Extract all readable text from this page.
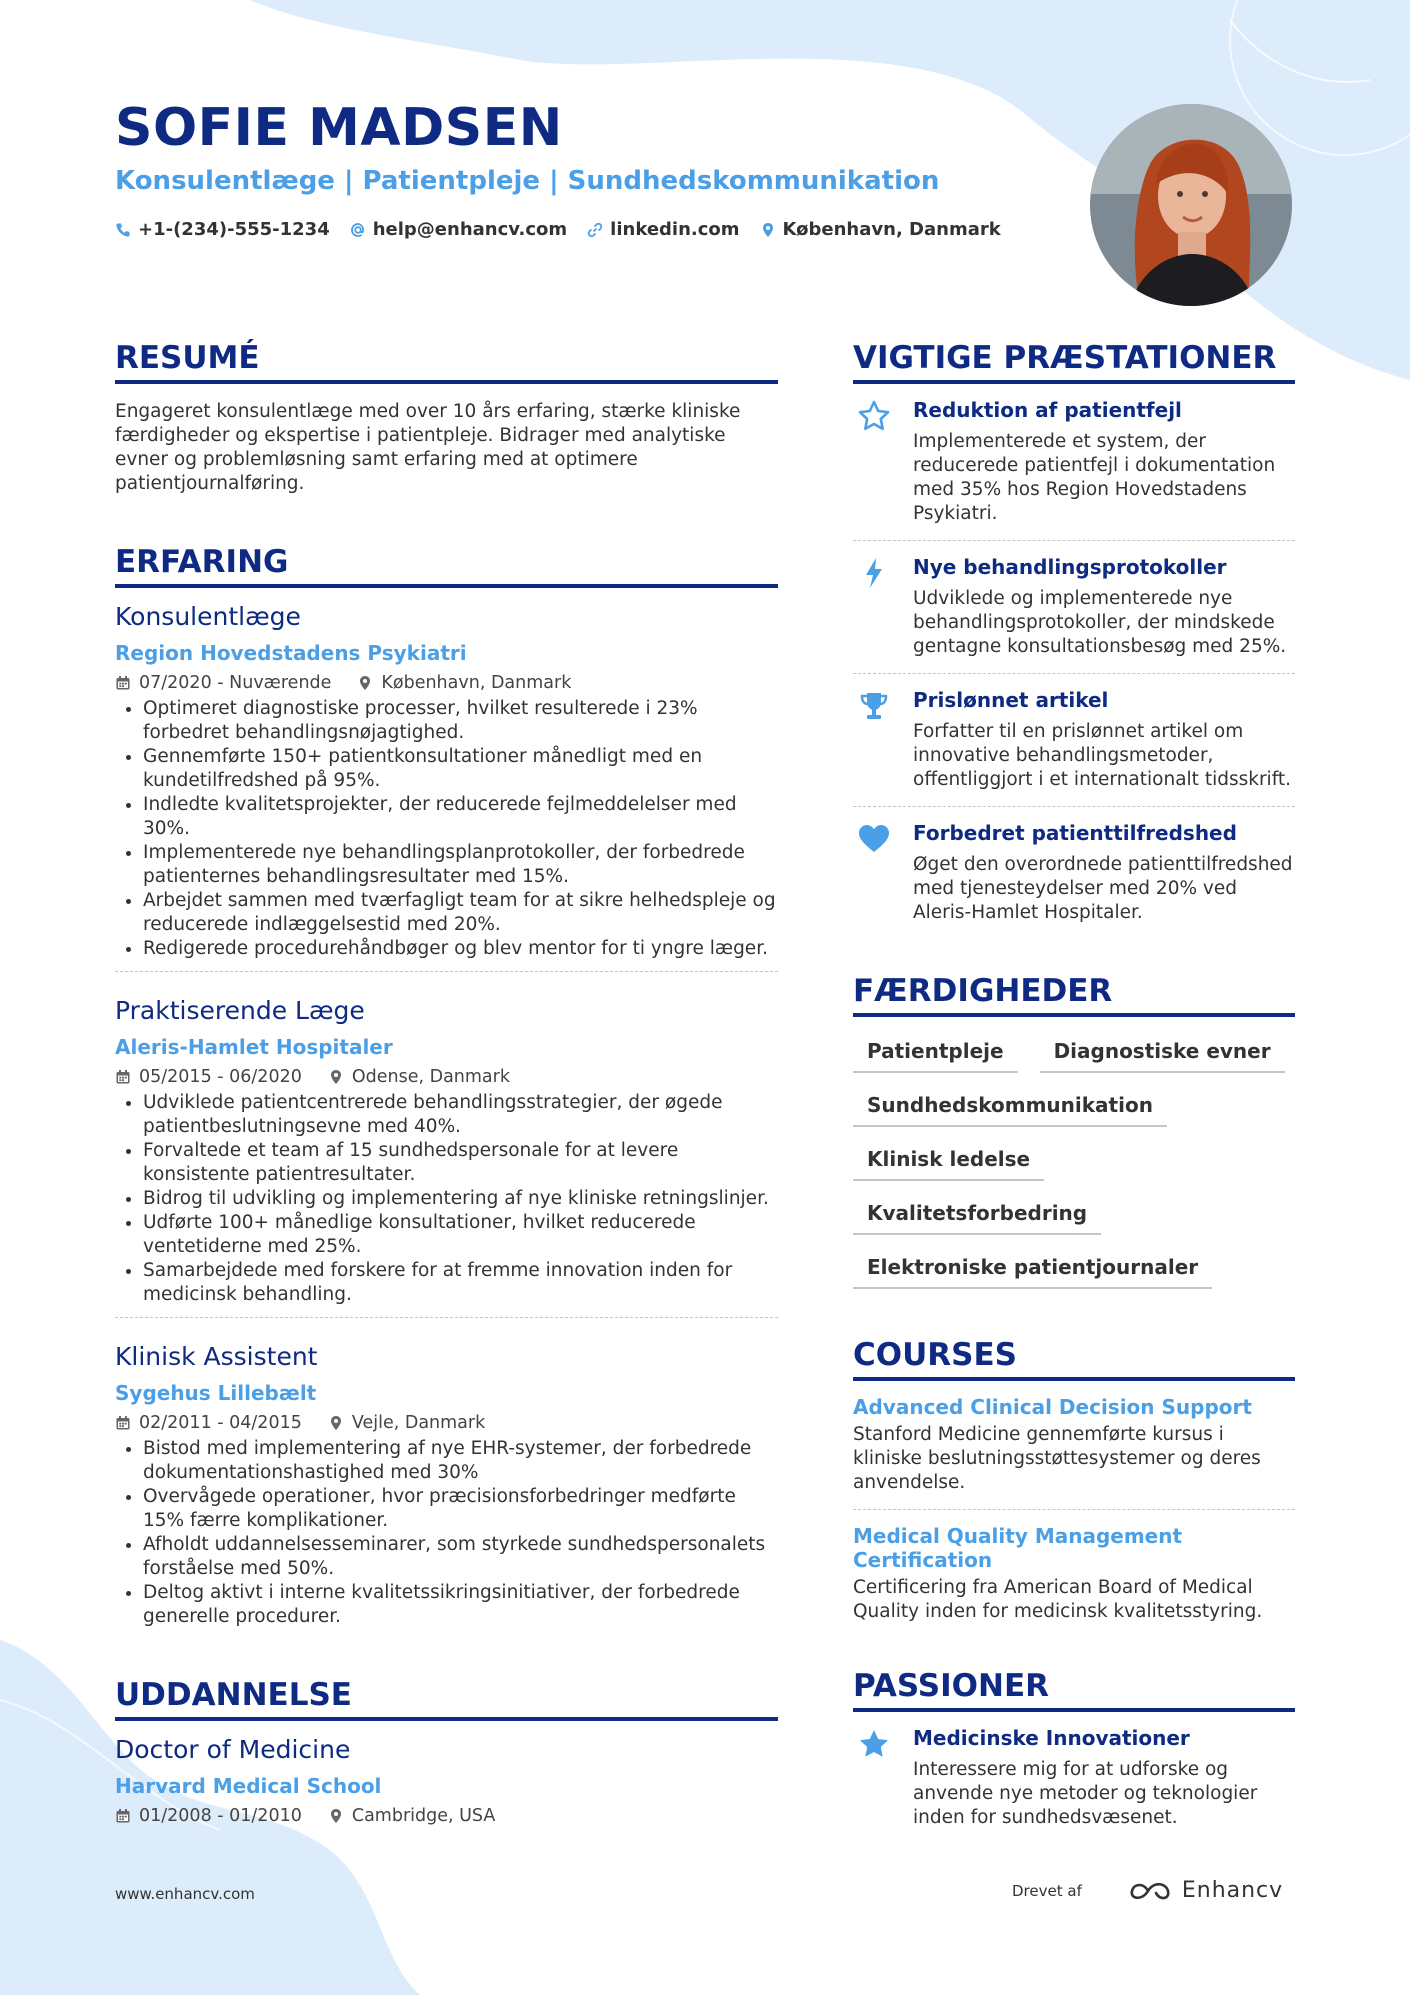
SOFIE MADSEN
Konsulentlæge | Patientpleje | Sundhedskommunikation
+1-(234)-555-1234 help@enhancv.com linkedin.com København, Danmark
RESUMÉ

Engageret konsulentlæge med over 10 års erfaring, stærke kliniske færdigheder og ekspertise i patientpleje. Bidrager med analytiske evner og problemløsning samt erfaring med at optimere patientjournalføring.

ERFARING
Konsulentlæge
Region Hovedstadens Psykiatri
07/2020 - Nuværende	København, Danmark
• Optimeret diagnostiske processer, hvilket resulterede i 23% forbedret behandlingsnøjagtighed.
• Gennemførte 150+ patientkonsultationer månedligt med en kundetilfredshed på 95%.
• Indledte kvalitetsprojekter, der reducerede fejlmeddelelser med 30%.
• Implementerede nye behandlingsplanprotokoller, der forbedrede patienternes behandlingsresultater med 15%.
• Arbejdet sammen med tværfagligt team for at sikre helhedspleje og reducerede indlæggelsestid med 20%.
• Redigerede procedurehåndbøger og blev mentor for ti yngre læger.
Praktiserende Læge
Aleris-Hamlet Hospitaler
05/2015 - 06/2020	Odense, Danmark
• Udviklede patientcentrerede behandlingsstrategier, der øgede patientbeslutningsevne med 40%.
• Forvaltede et team af 15 sundhedspersonale for at levere konsistente patientresultater.
• Bidrog til udvikling og implementering af nye kliniske retningslinjer.
• Udførte 100+ månedlige konsultationer, hvilket reducerede ventetiderne med 25%.
• Samarbejdede med forskere for at fremme innovation inden for medicinsk behandling.
Klinisk Assistent
Sygehus Lillebælt
02/2011 - 04/2015	Vejle, Danmark
• Bistod med implementering af nye EHR-systemer, der forbedrede dokumentationshastighed med 30%
• Overvågede operationer, hvor præcisionsforbedringer medførte 15% færre komplikationer.
• Afholdt uddannelsesseminarer, som styrkede sundhedspersonalets forståelse med 50%.
• Deltog aktivt i interne kvalitetssikringsinitiativer, der forbedrede generelle procedurer.
UDDANNELSE
Doctor of Medicine
Harvard Medical School
01/2008 - 01/2010	Cambridge, USA
VIGTIGE PRÆSTATIONER
Reduktion af patientfejl
Implementerede et system, der reducerede patientfejl i dokumentation med 35% hos Region Hovedstadens Psykiatri.
Nye behandlingsprotokoller
Udviklede og implementerede nye behandlingsprotokoller, der mindskede gentagne konsultationsbesøg med 25%.
Prislønnet artikel
Forfatter til en prislønnet artikel om innovative behandlingsmetoder, offentliggjort i et internationalt tidsskrift.
Forbedret patienttilfredshed
Øget den overordnede patienttilfredshed med tjenesteydelser med 20% ved Aleris-Hamlet Hospitaler.
FÆRDIGHEDER
Patientpleje	Diagnostiske evner
Sundhedskommunikation
Klinisk ledelse
Kvalitetsforbedring
Elektroniske patientjournaler
COURSES
Advanced Clinical Decision Support
Stanford Medicine gennemførte kursus i kliniske beslutningsstøttesystemer og deres anvendelse.
Medical Quality Management Certification
Certificering fra American Board of Medical Quality inden for medicinsk kvalitetsstyring.
PASSIONER
Medicinske Innovationer
Interessere mig for at udforske og anvende nye metoder og teknologier inden for sundhedsvæsenet.
www.enhancv.com	Drevet af	Enhancv
